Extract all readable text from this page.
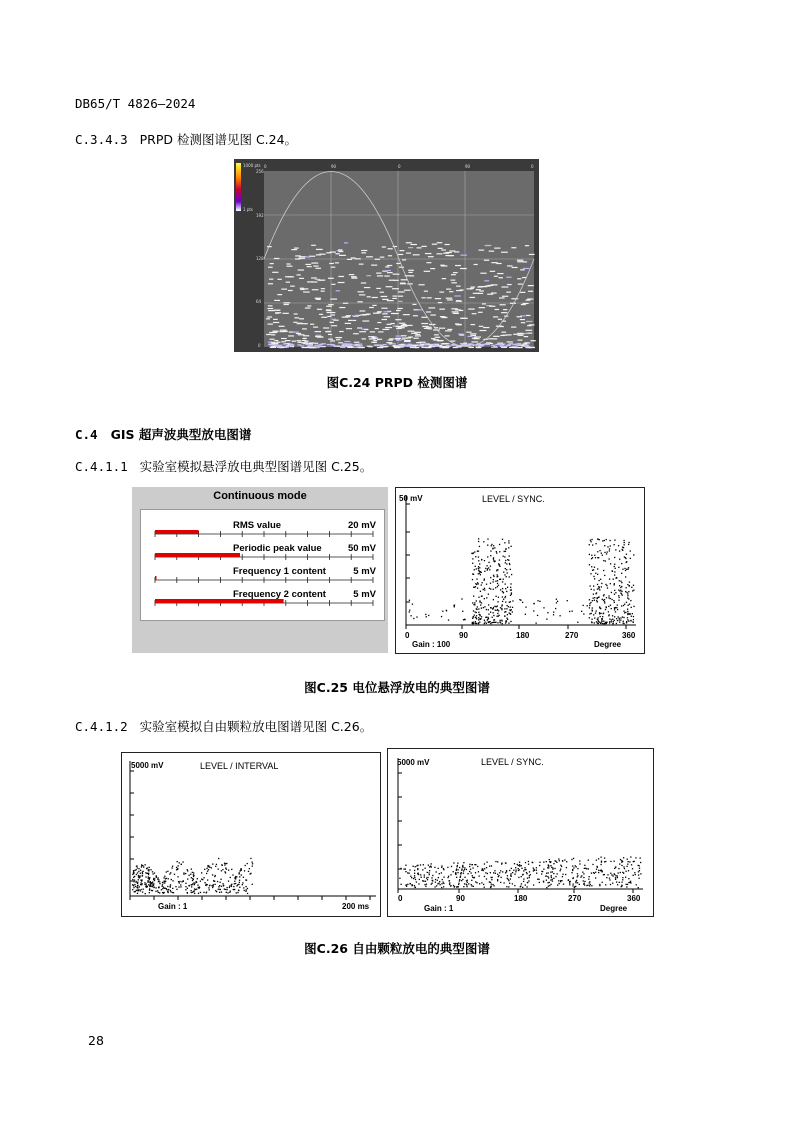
DB65/T 4826—2024
C.3.4.3 PRPD 检测图谱见图 C.24。
1000 pts
1 pts
0	90	0	90	0
256
192
128
64
0
图C.24 PRPD 检测图谱
C.4 GIS 超声波典型放电图谱
C.4.1.1 实验室模拟悬浮放电典型图谱见图 C.25。
Continuous mode
RMS value	20 mV
Periodic peak value	50 mV
Frequency 1 content	5 mV
Frequency 2 content	5 mV
50 mV	LEVEL / SYNC.
0	90	180	270	360
Gain : 100	Degree
图C.25 电位悬浮放电的典型图谱
C.4.1.2 实验室模拟自由颗粒放电图谱见图 C.26。
5000 mV	LEVEL / INTERVAL
Gain : 1	200 ms
5000 mV	LEVEL / SYNC.
0	90	180	270	360
Gain : 1	Degree
图C.26 自由颗粒放电的典型图谱
28
